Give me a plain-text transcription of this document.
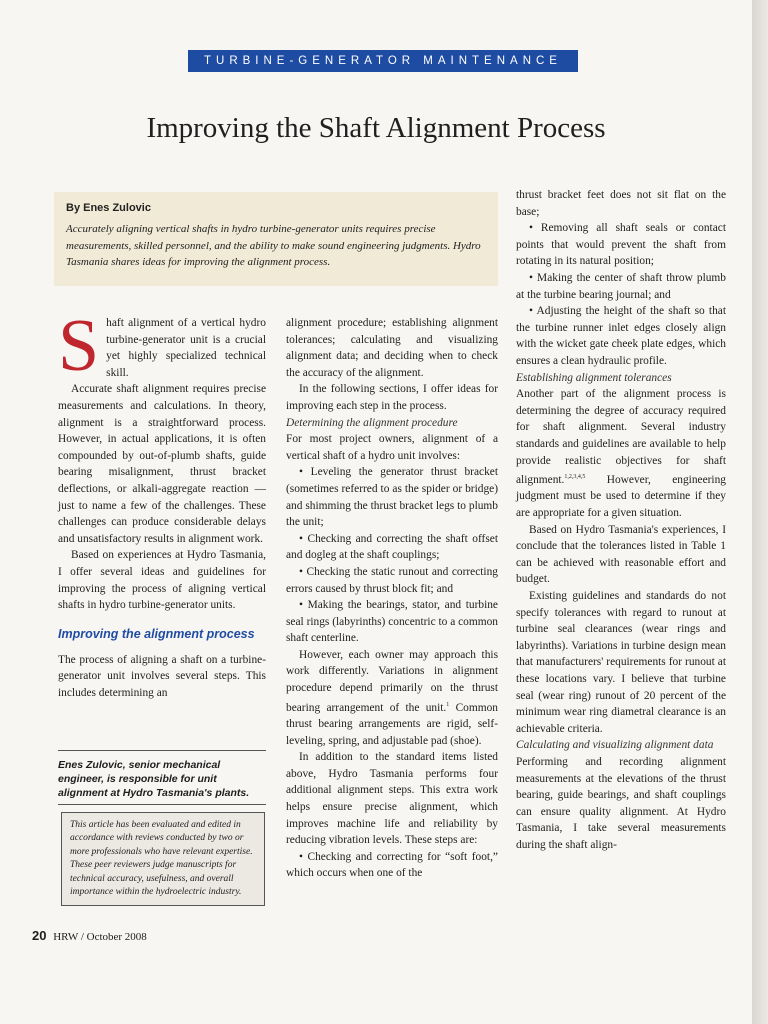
TURBINE-GENERATOR MAINTENANCE
Improving the Shaft Alignment Process

By Enes Zulovic

Accurately aligning vertical shafts in hydro turbine-generator units requires precise measurements, skilled personnel, and the ability to make sound engineering judgments. Hydro Tasmania shares ideas for improving the alignment process.

S haft alignment of a vertical hydro turbine-generator unit is a crucial yet highly specialized technical skill.

Accurate shaft alignment requires precise measurements and calculations. In theory, alignment is a straightforward process. However, in actual applications, it is often compounded by out-of-plumb shafts, guide bearing misalignment, thrust bracket deflections, or alkali-aggregate reaction — just to name a few of the challenges. These challenges can produce considerable delays and unsatisfactory results in alignment work.

Based on experiences at Hydro Tasmania, I offer several ideas and guidelines for improving the process of aligning vertical shafts in hydro turbine-generator units.

Improving the alignment process

The process of aligning a shaft on a turbine-generator unit involves several steps. This includes determining an

Enes Zulovic, senior mechanical engineer, is responsible for unit alignment at Hydro Tasmania's plants.
This article has been evaluated and edited in accordance with reviews conducted by two or more professionals who have relevant expertise. These peer reviewers judge manuscripts for technical accuracy, usefulness, and overall importance within the hydroelectric industry.

alignment procedure; establishing alignment tolerances; calculating and visualizing alignment data; and deciding when to check the accuracy of the alignment.

In the following sections, I offer ideas for improving each step in the process.

Determining the alignment procedure

For most project owners, alignment of a vertical shaft of a hydro unit involves:

• Leveling the generator thrust bracket (sometimes referred to as the spider or bridge) and shimming the thrust bracket legs to plumb the unit;

• Checking and correcting the shaft offset and dogleg at the shaft couplings;

• Checking the static runout and correcting errors caused by thrust block fit; and

• Making the bearings, stator, and turbine seal rings (labyrinths) concentric to a common shaft centerline.

However, each owner may approach this work differently. Variations in alignment procedure depend primarily on the thrust bearing arrangement of the unit.$^1$ Common thrust bearing arrangements are rigid, self-leveling, spring, and adjustable pad (shoe).

In addition to the standard items listed above, Hydro Tasmania performs four additional alignment steps. This extra work helps ensure precise alignment, which improves machine life and reliability by reducing vibration levels. These steps are:

• Checking and correcting for “soft foot,” which occurs when one of the

thrust bracket feet does not sit flat on the base;

• Removing all shaft seals or contact points that would prevent the shaft from rotating in its natural position;

• Making the center of shaft throw plumb at the turbine bearing journal; and

• Adjusting the height of the shaft so that the turbine runner inlet edges closely align with the wicket gate cheek plate edges, which ensures a clean hydraulic profile.

Establishing alignment tolerances

Another part of the alignment process is determining the degree of accuracy required for shaft alignment. Several industry standards and guidelines are available to help provide realistic objectives for shaft alignment.$^{1,2,3,4,5}$ However, engineering judgment must be used to determine if they are appropriate for a given situation.

Based on Hydro Tasmania's experiences, I conclude that the tolerances listed in Table 1 can be achieved with reasonable effort and budget.

Existing guidelines and standards do not specify tolerances with regard to runout at turbine seal clearances (wear rings and labyrinths). Variations in turbine design mean that manufacturers' requirements for runout at these locations vary. I believe that turbine seal (wear ring) runout of 20 percent of the minimum wear ring diametral clearance is an achievable criteria.

Calculating and visualizing alignment data

Performing and recording alignment measurements at the elevations of the thrust bearing, guide bearings, and shaft couplings can ensure quality alignment. At Hydro Tasmania, I take several measurements during the shaft align-

20 HRW / October 2008
